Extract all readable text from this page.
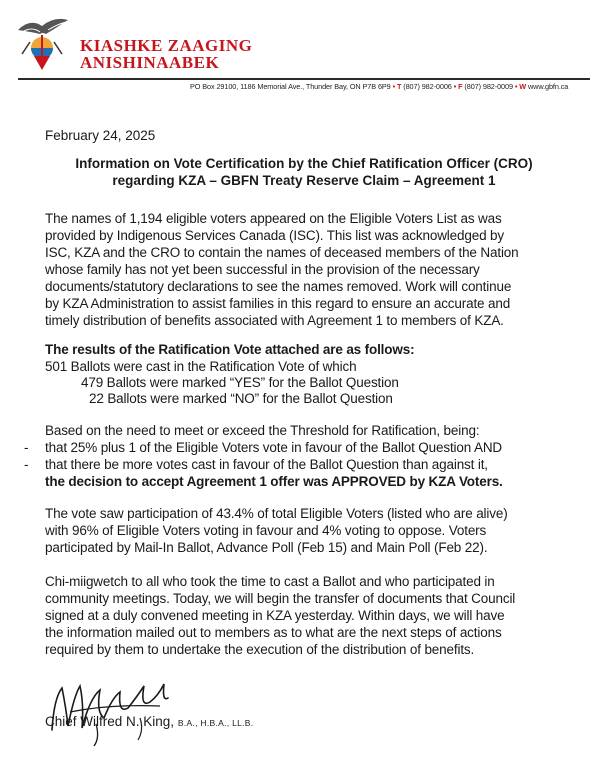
KIASHKE ZAAGING
ANISHINAABEK
PO Box 29100, 1186 Memorial Ave., Thunder Bay, ON P7B 6P9 • T (807) 982-0006 • F (807) 982-0009 • W www.gbfn.ca
February 24, 2025
Information on Vote Certification by the Chief Ratification Officer (CRO)
regarding KZA – GBFN Treaty Reserve Claim – Agreement 1
The names of 1,194 eligible voters appeared on the Eligible Voters List as was
provided by Indigenous Services Canada (ISC). This list was acknowledged by
ISC, KZA and the CRO to contain the names of deceased members of the Nation
whose family has not yet been successful in the provision of the necessary
documents/statutory declarations to see the names removed. Work will continue
by KZA Administration to assist families in this regard to ensure an accurate and
timely distribution of benefits associated with Agreement 1 to members of KZA.
The results of the Ratification Vote attached are as follows:
501 Ballots were cast in the Ratification Vote of which
479 Ballots were marked “YES” for the Ballot Question
22 Ballots were marked “NO” for the Ballot Question
Based on the need to meet or exceed the Threshold for Ratification, being:
- that 25% plus 1 of the Eligible Voters vote in favour of the Ballot Question AND
- that there be more votes cast in favour of the Ballot Question than against it,
the decision to accept Agreement 1 offer was APPROVED by KZA Voters.
The vote saw participation of 43.4% of total Eligible Voters (listed who are alive)
with 96% of Eligible Voters voting in favour and 4% voting to oppose. Voters
participated by Mail-In Ballot, Advance Poll (Feb 15) and Main Poll (Feb 22).
Chi-miigwetch to all who took the time to cast a Ballot and who participated in
community meetings. Today, we will begin the transfer of documents that Council
signed at a duly convened meeting in KZA yesterday. Within days, we will have
the information mailed out to members as to what are the next steps of actions
required by them to undertake the execution of the distribution of benefits.
Chief Wilfred N. King, B.A., H.B.A., LL.B.
